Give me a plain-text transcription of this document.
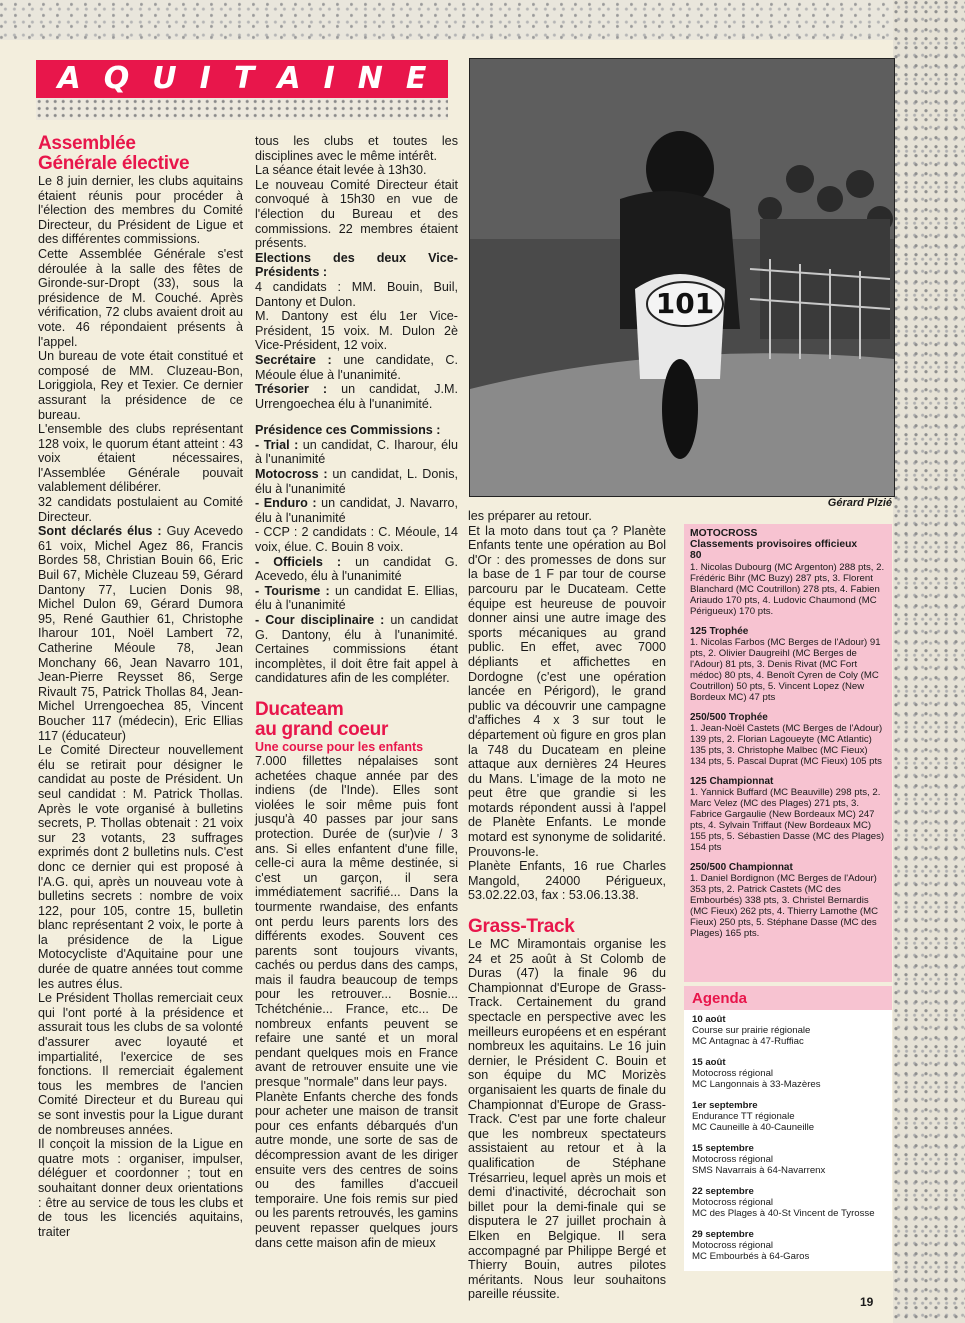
A Q U I T A I N E
Assemblée
Générale élective

Le 8 juin dernier, les clubs aquitains étaient réunis pour procéder à l'élection des membres du Comité Directeur, du Président de Ligue et des différentes commissions.

Cette Assemblée Générale s'est déroulée à la salle des fêtes de Gironde-sur-Dropt (33), sous la présidence de M. Couché. Après vérification, 72 clubs avaient droit au vote. 46 répondaient présents à l'appel.

Un bureau de vote était constitué et composé de MM. Cluzeau-Bon, Loriggiola, Rey et Texier. Ce dernier assurant la présidence de ce bureau.

L'ensemble des clubs représentant 128 voix, le quorum étant atteint : 43 voix étaient nécessaires, l'Assemblée Générale pouvait valablement délibérer.

32 candidats postulaient au Comité Directeur.

Sont déclarés élus : Guy Acevedo 61 voix, Michel Agez 86, Francis Bordes 58, Christian Bouin 66, Eric Buil 67, Michèle Cluzeau 59, Gérard Dantony 77, Lucien Donis 98, Michel Dulon 69, Gérard Dumora 95, René Gauthier 61, Christophe Iharour 101, Noël Lambert 72, Catherine Méoule 78, Jean Monchany 66, Jean Navarro 101, Jean-Pierre Reysset 86, Serge Rivault 75, Patrick Thollas 84, Jean-Michel Urrengoechea 85, Vincent Boucher 117 (médecin), Eric Ellias 117 (éducateur)

Le Comité Directeur nouvellement élu se retirait pour désigner le candidat au poste de Président. Un seul candidat : M. Patrick Thollas. Après le vote organisé à bulletins secrets, P. Thollas obtenait : 21 voix sur 23 votants, 23 suffrages exprimés dont 2 bulletins nuls. C'est donc ce dernier qui est proposé à l'A.G. qui, après un nouveau vote à bulletins secrets : nombre de voix 122, pour 105, contre 15, bulletin blanc représentant 2 voix, le porte à la présidence de la Ligue Motocycliste d'Aquitaine pour une durée de quatre années tout comme les autres élus.

Le Président Thollas remerciait ceux qui l'ont porté à la présidence et assurait tous les clubs de sa volonté d'assurer avec loyauté et impartialité, l'exercice de ses fonctions. Il remerciait également tous les membres de l'ancien Comité Directeur et du Bureau qui se sont investis pour la Ligue durant de nombreuses années.

Il conçoit la mission de la Ligue en quatre mots : organiser, impulser, déléguer et coordonner ; tout en souhaitant donner deux orientations : être au service de tous les clubs et de tous les licenciés aquitains, traiter

tous les clubs et toutes les disciplines avec le même intérêt.

La séance était levée à 13h30.

Le nouveau Comité Directeur était convoqué à 15h30 en vue de l'élection du Bureau et des commissions. 22 membres étaient présents.

Elections des deux Vice-Présidents :

4 candidats : MM. Bouin, Buil, Dantony et Dulon.

M. Dantony est élu 1er Vice-Président, 15 voix. M. Dulon 2è Vice-Président, 12 voix.

Secrétaire : une candidate, C. Méoule élue à l'unanimité.

Trésorier : un candidat, J.M. Urrengoechea élu à l'unanimité.

Présidence ces Commissions :

- Trial : un candidat, C. Iharour, élu à l'unanimité

Motocross : un candidat, L. Donis, élu à l'unanimité

- Enduro : un candidat, J. Navarro, élu à l'unanimité

- CCP : 2 candidats : C. Méoule, 14 voix, élue. C. Bouin 8 voix.

- Officiels : un candidat G. Acevedo, élu à l'unanimité

- Tourisme : un candidat E. Ellias, élu à l'unanimité

- Cour disciplinaire : un candidat G. Dantony, élu à l'unanimité. Certaines commissions étant incomplètes, il doit être fait appel à candidatures afin de les compléter.

Ducateam
au grand coeur
Une course pour les enfants

7.000 fillettes népalaises sont achetées chaque année par des indiens (de l'Inde). Elles sont violées le soir même puis font jusqu'à 40 passes par jour sans protection. Durée de (sur)vie / 3 ans. Si elles enfantent d'une fille, celle-ci aura la même destinée, si c'est un garçon, il sera immédiatement sacrifié... Dans la tourmente rwandaise, des enfants ont perdu leurs parents lors des différents exodes. Souvent ces parents sont toujours vivants, cachés ou perdus dans des camps, mais il faudra beaucoup de temps pour les retrouver... Bosnie... Tchétchénie... France, etc... De nombreux enfants peuvent se refaire une santé et un moral pendant quelques mois en France avant de retrouver ensuite une vie presque "normale" dans leur pays.

Planète Enfants cherche des fonds pour acheter une maison de transit pour ces enfants débarqués d'un autre monde, une sorte de sas de décompression avant de les diriger ensuite vers des centres de soins ou des familles d'accueil temporaire. Une fois remis sur pied ou les parents retrouvés, les gamins peuvent repasser quelques jours dans cette maison afin de mieux

101
Gérard Plzié

les préparer au retour.

Et la moto dans tout ça ? Planète Enfants tente une opération au Bol d'Or : des promesses de dons sur la base de 1 F par tour de course parcouru par le Ducateam. Cette équipe est heureuse de pouvoir donner ainsi une autre image des sports mécaniques au grand public. En effet, avec 7000 dépliants et affichettes en Dordogne (c'est une opération lancée en Périgord), le grand public va découvrir une campagne d'affiches 4 x 3 sur tout le département où figure en gros plan la 748 du Ducateam en pleine attaque aux dernières 24 Heures du Mans. L'image de la moto ne peut être que grandie si les motards répondent aussi à l'appel de Planète Enfants. Le monde motard est synonyme de solidarité. Prouvons-le.

Planète Enfants, 16 rue Charles Mangold, 24000 Périgueux, 53.02.22.03, fax : 53.06.13.38.

Grass-Track

Le MC Miramontais organise les 24 et 25 août à St Colomb de Duras (47) la finale 96 du Championnat d'Europe de Grass-Track. Certainement du grand spectacle en perspective avec les meilleurs européens et en espérant nombreux les aquitains. Le 16 juin dernier, le Président C. Bouin et son équipe du MC Morizès organisaient les quarts de finale du Championnat d'Europe de Grass-Track. C'est par une forte chaleur que les nombreux spectateurs assistaient au retour et à la qualification de Stéphane Trésarrieu, lequel après un mois et demi d'inactivité, décrochait son billet pour la demi-finale qui se disputera le 27 juillet prochain à Elken en Belgique. Il sera accompagné par Philippe Bergé et Thierry Bouin, autres pilotes méritants. Nous leur souhaitons pareille réussite.

MOTOCROSS

Classements provisoires officieux

80

1. Nicolas Dubourg (MC Argenton) 288 pts, 2. Frédéric Bihr (MC Buzy) 287 pts, 3. Florent Blanchard (MC Coutrillon) 278 pts, 4. Fabien Ariaudo 170 pts, 4. Ludovic Chaumond (MC Périgueux) 170 pts.

125 Trophée

1. Nicolas Farbos (MC Berges de l'Adour) 91 pts, 2. Olivier Daugreihl (MC Berges de l'Adour) 81 pts, 3. Denis Rivat (MC Fort médoc) 80 pts, 4. Benoît Cyren de Coly (MC Coutrillon) 50 pts, 5. Vincent Lopez (New Bordeux MC) 47 pts

250/500 Trophée

1. Jean-Noël Castets (MC Berges de l'Adour) 139 pts, 2. Florian Lagoueyte (MC Atlantic) 135 pts, 3. Christophe Malbec (MC Fieux) 134 pts, 5. Pascal Duprat (MC Fieux) 105 pts

125 Championnat

1. Yannick Buffard (MC Beauville) 298 pts, 2. Marc Velez (MC des Plages) 271 pts, 3. Fabrice Gargaulie (New Bordeaux MC) 247 pts, 4. Sylvain Triffaut (New Bordeaux MC) 155 pts, 5. Sébastien Dasse (MC des Plages) 154 pts

250/500 Championnat

1. Daniel Bordignon (MC Berges de l'Adour) 353 pts, 2. Patrick Castets (MC des Embourbés) 338 pts, 3. Christel Bernardis (MC Fieux) 262 pts, 4. Thierry Lamothe (MC Fieux) 250 pts, 5. Stéphane Dasse (MC des Plages) 165 pts.

Agenda
10 août
Course sur prairie régionale
MC Antagnac à 47-Ruffiac
15 août
Motocross régional
MC Langonnais à 33-Mazères
1er septembre
Endurance TT régionale
MC Cauneille à 40-Cauneille
15 septembre
Motocross régional
SMS Navarrais à 64-Navarrenx
22 septembre
Motocross régional
MC des Plages à 40-St Vincent de Tyrosse
29 septembre
Motocross régional
MC Embourbés à 64-Garos
19
